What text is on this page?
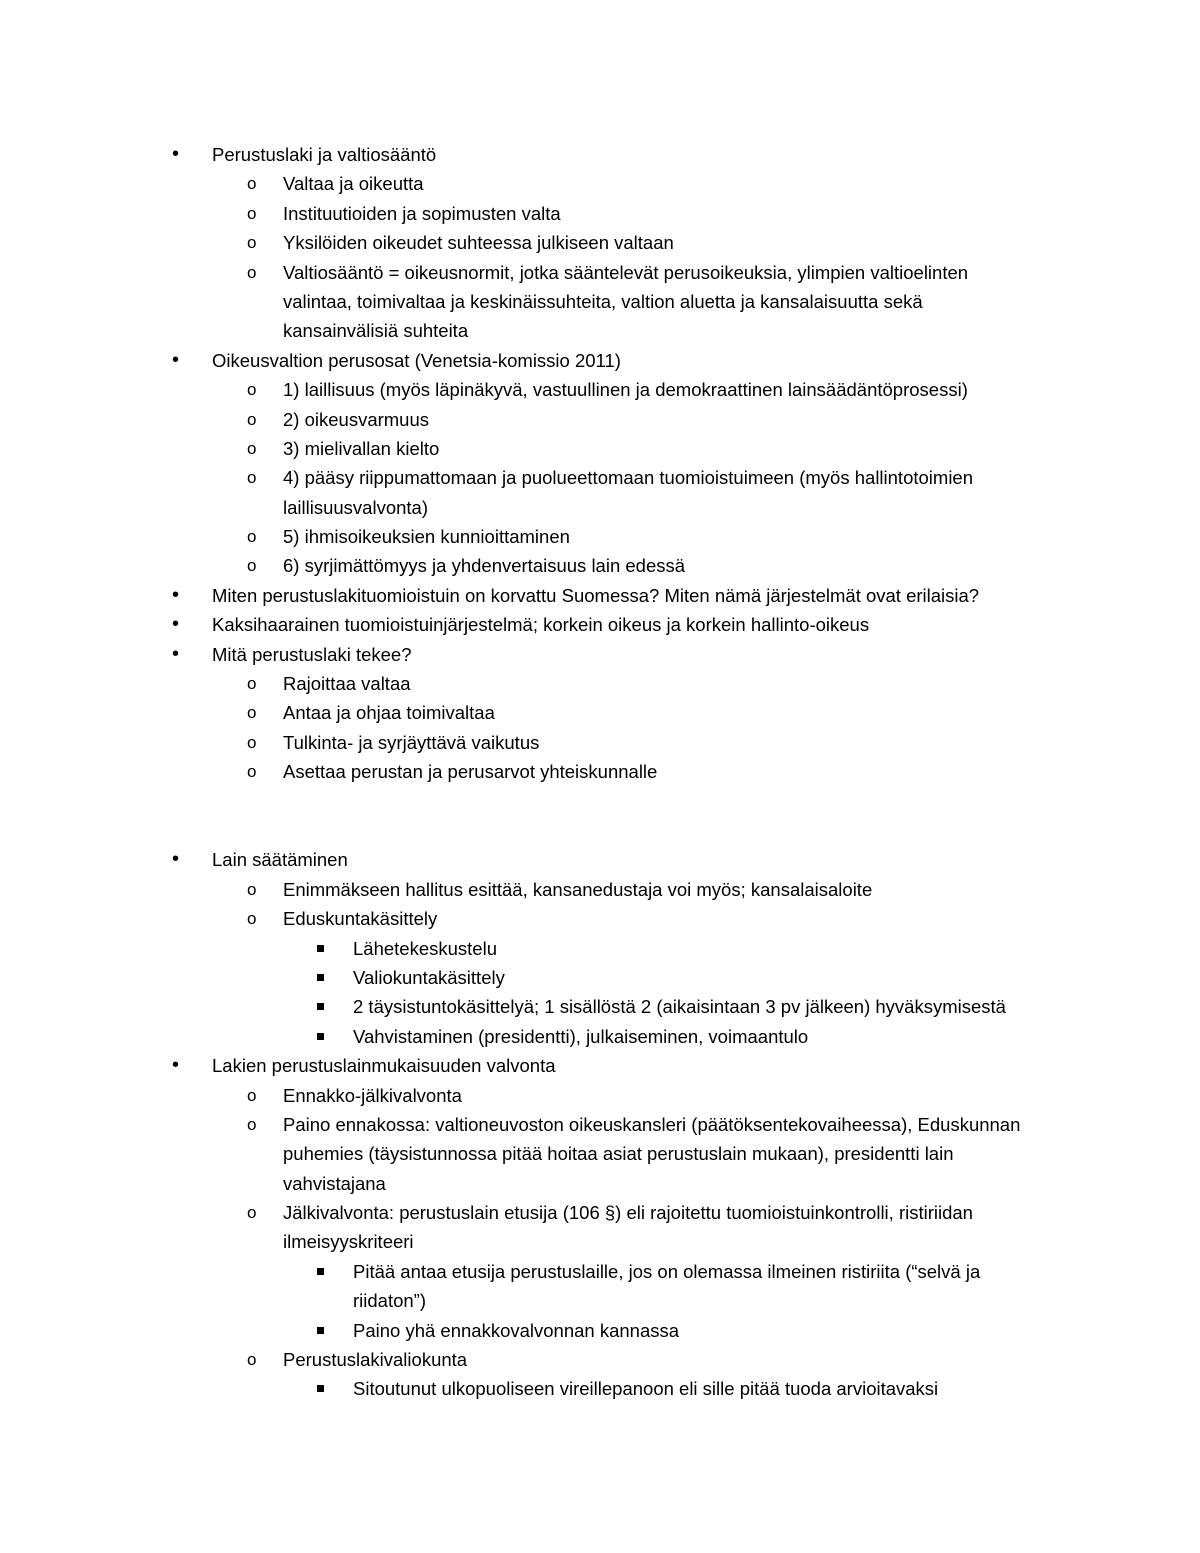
• Perustuslaki ja valtiosääntö
o Valtaa ja oikeutta
o Instituutioiden ja sopimusten valta
o Yksilöiden oikeudet suhteessa julkiseen valtaan
o Valtiosääntö = oikeusnormit, jotka sääntelevät perusoikeuksia, ylimpien valtioelinten
valintaa, toimivaltaa ja keskinäissuhteita, valtion aluetta ja kansalaisuutta sekä
kansainvälisiä suhteita
• Oikeusvaltion perusosat (Venetsia-komissio 2011)
o 1) laillisuus (myös läpinäkyvä, vastuullinen ja demokraattinen lainsäädäntöprosessi)
o 2) oikeusvarmuus
o 3) mielivallan kielto
o 4) pääsy riippumattomaan ja puolueettomaan tuomioistuimeen (myös hallintotoimien
laillisuusvalvonta)
o 5) ihmisoikeuksien kunnioittaminen
o 6) syrjimättömyys ja yhdenvertaisuus lain edessä
• Miten perustuslakituomioistuin on korvattu Suomessa? Miten nämä järjestelmät ovat erilaisia?
• Kaksihaarainen tuomioistuinjärjestelmä; korkein oikeus ja korkein hallinto-oikeus
• Mitä perustuslaki tekee?
o Rajoittaa valtaa
o Antaa ja ohjaa toimivaltaa
o Tulkinta- ja syrjäyttävä vaikutus
o Asettaa perustan ja perusarvot yhteiskunnalle
• Lain säätäminen
o Enimmäkseen hallitus esittää, kansanedustaja voi myös; kansalaisaloite
o Eduskuntakäsittely
Lähetekeskustelu
Valiokuntakäsittely
2 täysistuntokäsittelyä; 1 sisällöstä 2 (aikaisintaan 3 pv jälkeen) hyväksymisestä
Vahvistaminen (presidentti), julkaiseminen, voimaantulo
• Lakien perustuslainmukaisuuden valvonta
o Ennakko-jälkivalvonta
o Paino ennakossa: valtioneuvoston oikeuskansleri (päätöksentekovaiheessa), Eduskunnan
puhemies (täysistunnossa pitää hoitaa asiat perustuslain mukaan), presidentti lain
vahvistajana
o Jälkivalvonta: perustuslain etusija (106 §) eli rajoitettu tuomioistuinkontrolli, ristiriidan
ilmeisyyskriteeri
Pitää antaa etusija perustuslaille, jos on olemassa ilmeinen ristiriita (“selvä ja
riidaton”)
Paino yhä ennakkovalvonnan kannassa
o Perustuslakivaliokunta
Sitoutunut ulkopuoliseen vireillepanoon eli sille pitää tuoda arvioitavaksi
